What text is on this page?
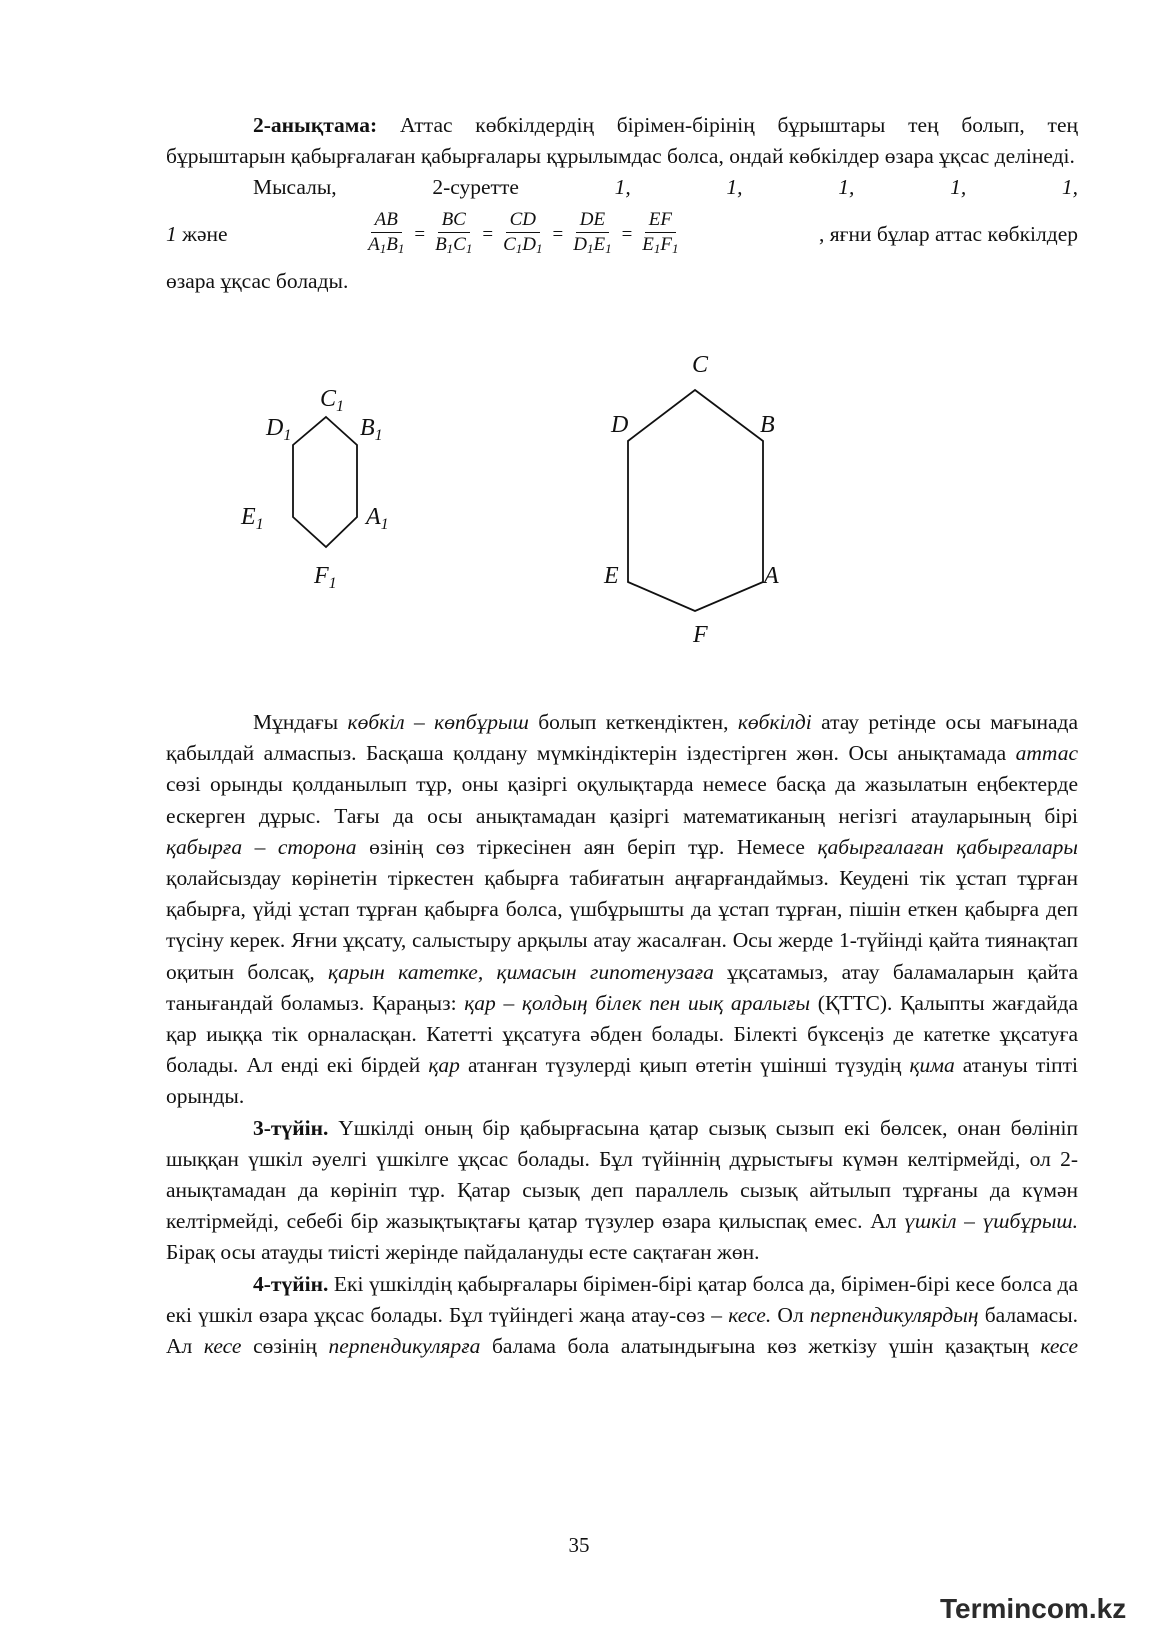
2-анықтама: Аттас көбкілдердің бірімен-бірінің бұрыштары тең болып, тең бұрыштарын қабырғалаған қабырғалары құрылымдас болса, ондай көбкілдер өзара ұқсас делінеді.

Мысалы, 2-суретте 1, 1, 1, 1, 1,

1 және	$\frac{AB}{A_1B_1} = \frac{BC}{B_1C_1} = \frac{CD}{C_1D_1} = \frac{DE}{D_1E_1} = \frac{EF}{E_1F_1}$	, яғни бұлар аттас көбкілдер

өзара ұқсас болады.

$C_1$
$D_1$	$B_1$
$E_1$	$A_1$
$F_1$
C
D	B
E	A
F

Мұндағы көбкіл – көпбұрыш болып кеткендіктен, көбкілді атау ретінде осы мағынада қабылдай алмаспыз. Басқаша қолдану мүмкіндіктерін іздестірген жөн. Осы анықтамада аттас сөзі орынды қолданылып тұр, оны қазіргі оқулықтарда немесе басқа да жазылатын еңбектерде ескерген дұрыс. Тағы да осы анықтамадан қазіргі математиканың негізгі атауларының бірі қабырға – сторона өзінің сөз тіркесінен аян беріп тұр. Немесе қабырғалаған қабырғалары қолайсыздау көрінетін тіркестен қабырға табиғатын аңғарғандаймыз. Кеудені тік ұстап тұрған қабырға, үйді ұстап тұрған қабырға болса, үшбұрышты да ұстап тұрған, пішін еткен қабырға деп түсіну керек. Яғни ұқсату, салыстыру арқылы атау жасалған. Осы жерде 1-түйінді қайта тиянақтап оқитын болсақ, қарын катетке, қимасын гипотенузаға ұқсатамыз, атау баламаларын қайта танығандай боламыз. Қараңыз: қар – қолдың білек пен иық аралығы (ҚТТС). Қалыпты жағдайда қар иыққа тік орналасқан. Катетті ұқсатуға әбден болады. Білекті бүксеңіз де катетке ұқсатуға болады. Ал енді екі бірдей қар атанған түзулерді қиып өтетін үшінші түзудің қима атануы тіпті орынды.

3-түйін. Үшкілді оның бір қабырғасына қатар сызық сызып екі бөлсек, онан бөлініп шыққан үшкіл әуелгі үшкілге ұқсас болады. Бұл түйіннің дұрыстығы күмән келтірмейді, ол 2-анықтамадан да көрініп тұр. Қатар сызық деп параллель сызық айтылып тұрғаны да күмән келтірмейді, себебі бір жазықтықтағы қатар түзулер өзара қилыспақ емес. Ал үшкіл – үшбұрыш. Бірақ осы атауды тиісті жерінде пайдалануды есте сақтаған жөн.

4-түйін. Екі үшкілдің қабырғалары бірімен-бірі қатар болса да, бірімен-бірі кесе болса да екі үшкіл өзара ұқсас болады. Бұл түйіндегі жаңа атау-сөз – кесе. Ол перпендикулярдың баламасы. Ал кесе сөзінің перпендикулярға балама бола алатындығына көз жеткізу үшін қазақтың кесе

35
Termincom.kz
